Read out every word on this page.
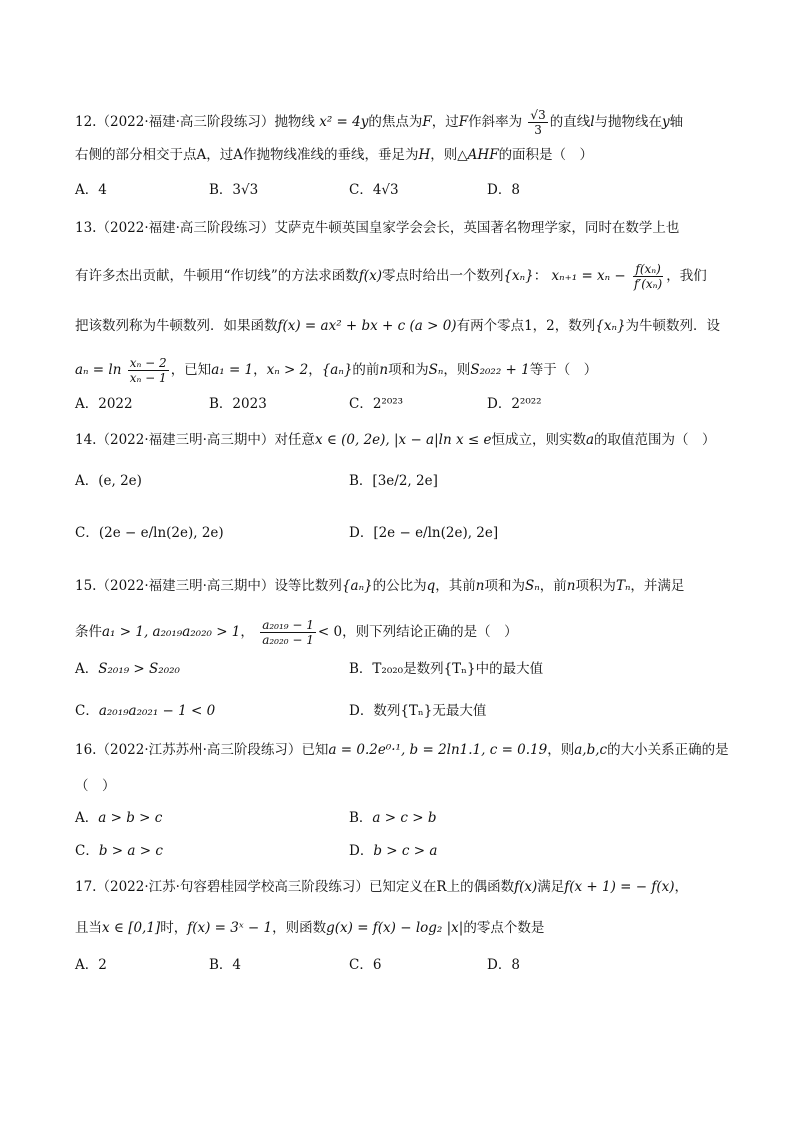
12.（2022·福建·高三阶段练习）抛物线 x² = 4y的焦点为F，过F作斜率为 $\frac{√3}{3}$ 的直线l与抛物线在y轴
右侧的部分相交于点A，过A作抛物线准线的垂线，垂足为H，则△AHF的面积是（　）
A．4	B．3√3	C．4√3	D．8
13.（2022·福建·高三阶段练习）艾萨克牛顿英国皇家学会会长，英国著名物理学家，同时在数学上也
有许多杰出贡献，牛顿用“作切线”的方法求函数f(x)零点时给出一个数列{xₙ}： $x_{n+1} = x_n - \frac{\text{f(xₙ)}}{\text{f′(xₙ)}}$ ，我们
把该数列称为牛顿数列．如果函数f(x) = ax² + bx + c (a > 0)有两个零点1，2，数列{xₙ}为牛顿数列．设
$a_n = \ln \frac{\text{xₙ − 2}}{\text{xₙ − 1}}$ ，已知a₁ = 1，xₙ > 2，{aₙ}的前n项和为Sₙ，则S₂₀₂₂ + 1等于（　）
A．2022	B．2023	C．2²⁰²³	D．2²⁰²²
14.（2022·福建三明·高三期中）对任意x ∈ (0, 2e), |x − a|ln x ≤ e恒成立，则实数a的取值范围为（　）
A．(e, 2e)	B．[3e/2, 2e]
C．(2e − e/ln(2e), 2e)	D．[2e − e/ln(2e), 2e]
15.（2022·福建三明·高三期中）设等比数列{aₙ}的公比为q，其前n项和为Sₙ，前n项积为Tₙ，并满足
条件a₁ > 1, a₂₀₁₉a₂₀₂₀ > 1， $\frac{\text{a₂₀₁₉ − 1}}{\text{a₂₀₂₀ − 1}} < 0$，则下列结论正确的是（　）
A．S₂₀₁₉ > S₂₀₂₀	B．T₂₀₂₀是数列{Tₙ}中的最大值
C．a₂₀₁₉a₂₀₂₁ − 1 < 0	D．数列{Tₙ}无最大值
16.（2022·江苏苏州·高三阶段练习）已知a = 0.2e⁰·¹, b = 2ln1.1, c = 0.19，则a,b,c的大小关系正确的是
（　）
A．a > b > c	B．a > c > b
C．b > a > c	D．b > c > a
17.（2022·江苏·句容碧桂园学校高三阶段练习）已知定义在R上的偶函数f(x)满足f(x + 1) = − f(x)，
且当x ∈ [0,1]时，f(x) = 3ˣ − 1，则函数g(x) = f(x) − log₂ |x|的零点个数是
A．2	B．4	C．6	D．8
